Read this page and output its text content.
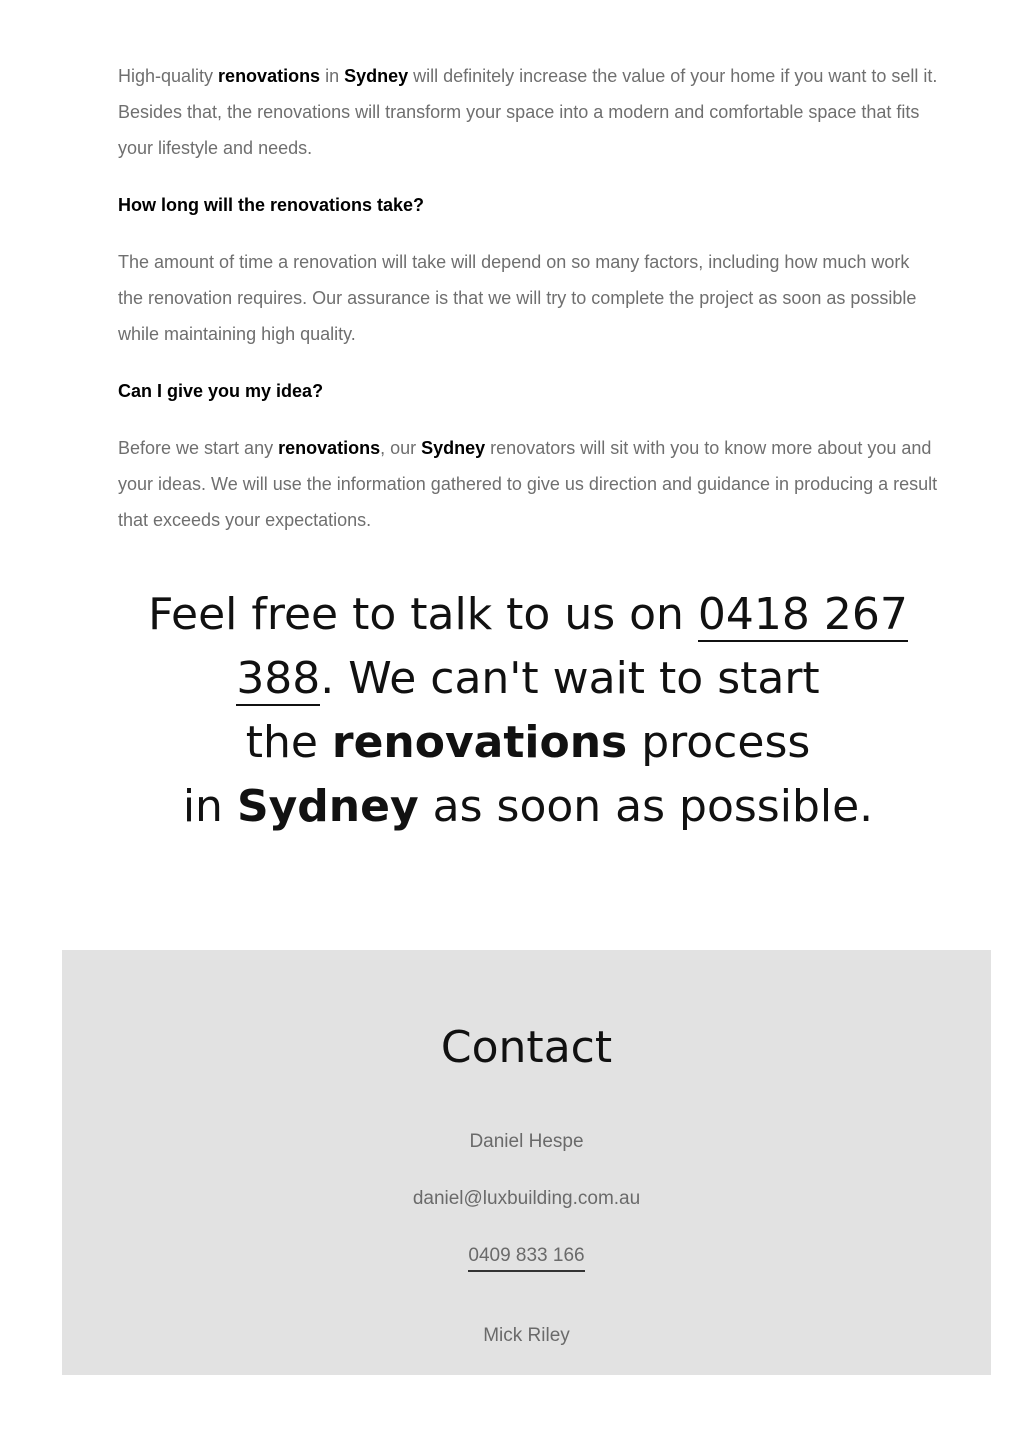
High-quality renovations in Sydney will definitely increase the value of your home if you want to sell it. Besides that, the renovations will transform your space into a modern and comfortable space that fits your lifestyle and needs.

How long will the renovations take?

The amount of time a renovation will take will depend on so many factors, including how much work the renovation requires. Our assurance is that we will try to complete the project as soon as possible while maintaining high quality.

Can I give you my idea?

Before we start any renovations, our Sydney renovators will sit with you to know more about you and your ideas. We will use the information gathered to give us direction and guidance in producing a result that exceeds your expectations.

Feel free to talk to us on 0418 267
388. We can't wait to start
the renovations process
in Sydney as soon as possible.
Contact
Daniel Hespe
daniel@luxbuilding.com.au
0409 833 166
Mick Riley
